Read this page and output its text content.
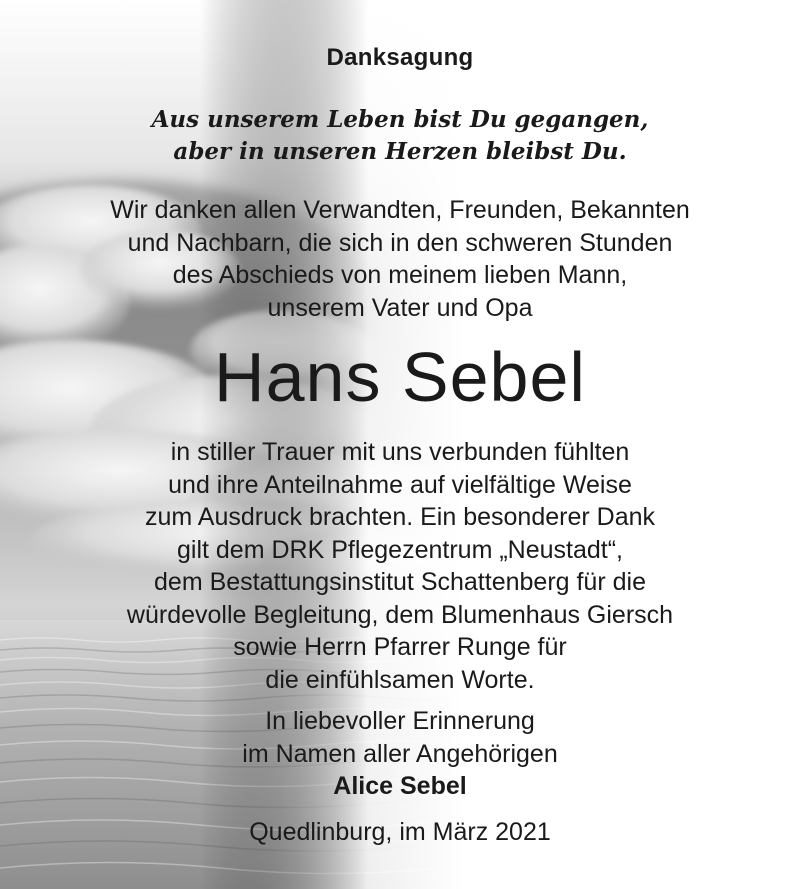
Danksagung
Aus unserem Leben bist Du gegangen,
aber in unseren Herzen bleibst Du.
Wir danken allen Verwandten, Freunden, Bekannten
und Nachbarn, die sich in den schweren Stunden
des Abschieds von meinem lieben Mann,
unserem Vater und Opa
Hans Sebel
in stiller Trauer mit uns verbunden fühlten
und ihre Anteilnahme auf vielfältige Weise
zum Ausdruck brachten. Ein besonderer Dank
gilt dem DRK Pflegezentrum „Neustadt“,
dem Bestattungsinstitut Schattenberg für die
würdevolle Begleitung, dem Blumenhaus Giersch
sowie Herrn Pfarrer Runge für
die einfühlsamen Worte.
In liebevoller Erinnerung
im Namen aller Angehörigen
Alice Sebel
Quedlinburg, im März 2021
